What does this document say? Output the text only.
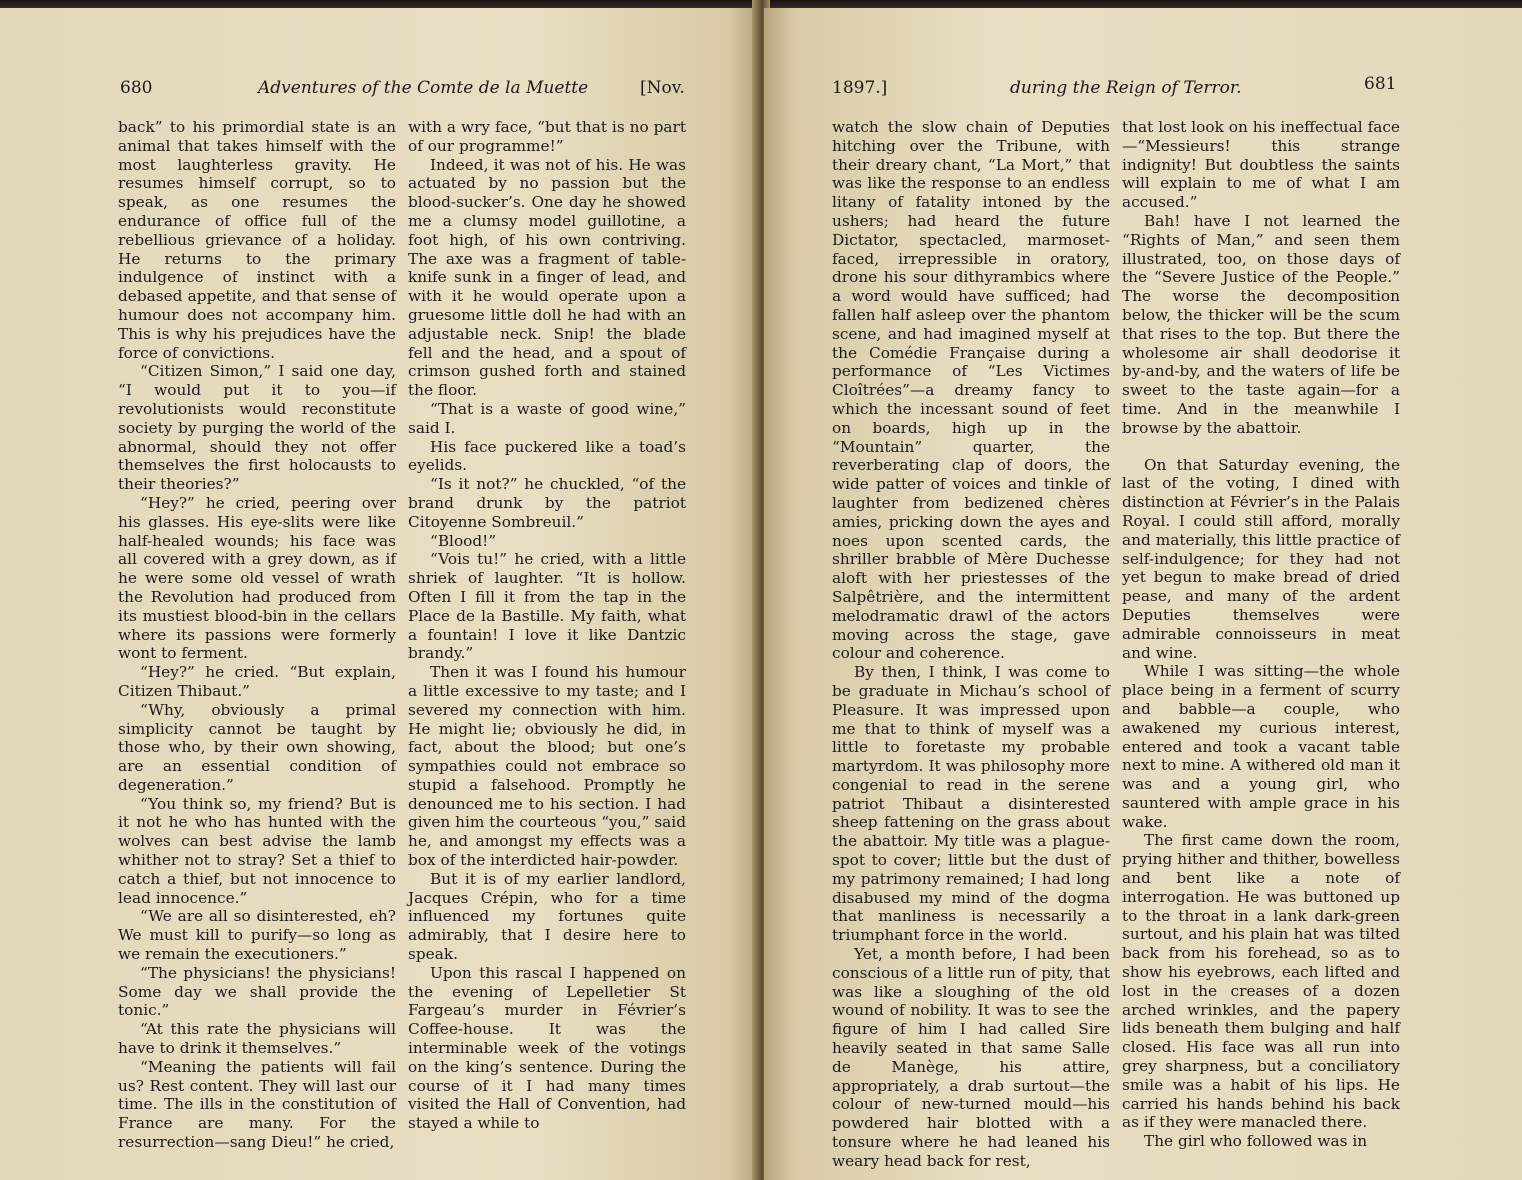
680	Adventures of the Comte de la Muette	[Nov.

back” to his primordial state is an animal that takes himself with the most laughterless gravity. He resumes himself corrupt, so to speak, as one resumes the endurance of office full of the rebellious grievance of a holiday. He returns to the primary indulgence of instinct with a debased appetite, and that sense of humour does not accompany him. This is why his prejudices have the force of convictions.

“Citizen Simon,” I said one day, “I would put it to you—if revolutionists would reconstitute society by purging the world of the abnormal, should they not offer themselves the first holocausts to their theories?”

“Hey?” he cried, peering over his glasses. His eye-slits were like half-healed wounds; his face was all covered with a grey down, as if he were some old vessel of wrath the Revolution had produced from its mustiest blood-bin in the cellars where its passions were formerly wont to ferment.

“Hey?” he cried. “But explain, Citizen Thibaut.”

“Why, obviously a primal simplicity cannot be taught by those who, by their own showing, are an essential condition of degeneration.”

“You think so, my friend? But is it not he who has hunted with the wolves can best advise the lamb whither not to stray? Set a thief to catch a thief, but not innocence to lead innocence.”

“We are all so disinterested, eh? We must kill to purify—so long as we remain the executioners.”

“The physicians! the physicians! Some day we shall provide the tonic.”

“At this rate the physicians will have to drink it themselves.”

“Meaning the patients will fail us? Rest content. They will last our time. The ills in the constitution of France are many. For the resurrection—sang Dieu!” he cried,

with a wry face, “but that is no part of our programme!”

Indeed, it was not of his. He was actuated by no passion but the blood-sucker’s. One day he showed me a clumsy model guillotine, a foot high, of his own contriving. The axe was a fragment of table-knife sunk in a finger of lead, and with it he would operate upon a gruesome little doll he had with an adjustable neck. Snip! the blade fell and the head, and a spout of crimson gushed forth and stained the floor.

“That is a waste of good wine,” said I.

His face puckered like a toad’s eyelids.

“Is it not?” he chuckled, “of the brand drunk by the patriot Citoyenne Sombreuil.”

“Blood!”

“Vois tu!” he cried, with a little shriek of laughter. “It is hollow. Often I fill it from the tap in the Place de la Bastille. My faith, what a fountain! I love it like Dantzic brandy.”

Then it was I found his humour a little excessive to my taste; and I severed my connection with him. He might lie; obviously he did, in fact, about the blood; but one’s sympathies could not embrace so stupid a falsehood. Promptly he denounced me to his section. I had given him the courteous “you,” said he, and amongst my effects was a box of the interdicted hair-powder.

But it is of my earlier landlord, Jacques Crépin, who for a time influenced my fortunes quite admirably, that I desire here to speak.

Upon this rascal I happened on the evening of Lepelletier St Fargeau’s murder in Février’s Coffee-house. It was the interminable week of the votings on the king’s sentence. During the course of it I had many times visited the Hall of Convention, had stayed a while to

1897.]	during the Reign of Terror.	681

watch the slow chain of Deputies hitching over the Tribune, with their dreary chant, “La Mort,” that was like the response to an endless litany of fatality intoned by the ushers; had heard the future Dictator, spectacled, marmoset-faced, irrepressible in oratory, drone his sour dithyrambics where a word would have sufficed; had fallen half asleep over the phantom scene, and had imagined myself at the Comédie Française during a performance of “Les Victimes Cloîtrées”—a dreamy fancy to which the incessant sound of feet on boards, high up in the “Mountain” quarter, the reverberating clap of doors, the wide patter of voices and tinkle of laughter from bedizened chères amies, pricking down the ayes and noes upon scented cards, the shriller brabble of Mère Duchesse aloft with her priestesses of the Salpêtrière, and the intermittent melodramatic drawl of the actors moving across the stage, gave colour and coherence.

By then, I think, I was come to be graduate in Michau’s school of Pleasure. It was impressed upon me that to think of myself was a little to foretaste my probable martyrdom. It was philosophy more congenial to read in the serene patriot Thibaut a disinterested sheep fattening on the grass about the abattoir. My title was a plague-spot to cover; little but the dust of my patrimony remained; I had long disabused my mind of the dogma that manliness is necessarily a triumphant force in the world.

Yet, a month before, I had been conscious of a little run of pity, that was like a sloughing of the old wound of nobility. It was to see the figure of him I had called Sire heavily seated in that same Salle de Manège, his attire, appropriately, a drab surtout—the colour of new-turned mould—his powdered hair blotted with a tonsure where he had leaned his weary head back for rest,

that lost look on his ineffectual face —“Messieurs! this strange indignity! But doubtless the saints will explain to me of what I am accused.”

Bah! have I not learned the “Rights of Man,” and seen them illustrated, too, on those days of the “Severe Justice of the People.” The worse the decomposition below, the thicker will be the scum that rises to the top. But there the wholesome air shall deodorise it by-and-by, and the waters of life be sweet to the taste again—for a time. And in the meanwhile I browse by the abattoir.

On that Saturday evening, the last of the voting, I dined with distinction at Février’s in the Palais Royal. I could still afford, morally and materially, this little practice of self-indulgence; for they had not yet begun to make bread of dried pease, and many of the ardent Deputies themselves were admirable connoisseurs in meat and wine.

While I was sitting—the whole place being in a ferment of scurry and babble—a couple, who awakened my curious interest, entered and took a vacant table next to mine. A withered old man it was and a young girl, who sauntered with ample grace in his wake.

The first came down the room, prying hither and thither, bowelless and bent like a note of interrogation. He was buttoned up to the throat in a lank dark-green surtout, and his plain hat was tilted back from his forehead, so as to show his eyebrows, each lifted and lost in the creases of a dozen arched wrinkles, and the papery lids beneath them bulging and half closed. His face was all run into grey sharpness, but a conciliatory smile was a habit of his lips. He carried his hands behind his back as if they were manacled there.

The girl who followed was in
